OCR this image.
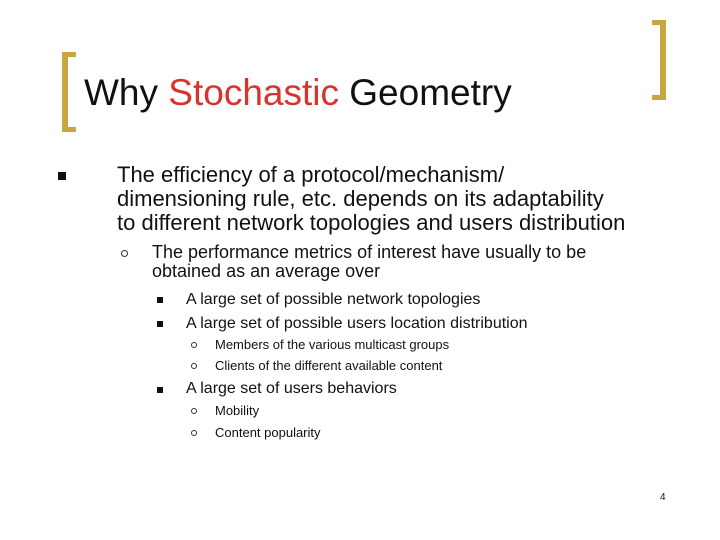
Why Stochastic Geometry
The efficiency of a protocol/mechanism/
dimensioning rule, etc. depends on its adaptability
to different network topologies and users distribution
The performance metrics of interest have usually to be
obtained as an average over
A large set of possible network topologies
A large set of possible users location distribution
Members of the various multicast groups
Clients of the different available content
A large set of users behaviors
Mobility
Content popularity
4
